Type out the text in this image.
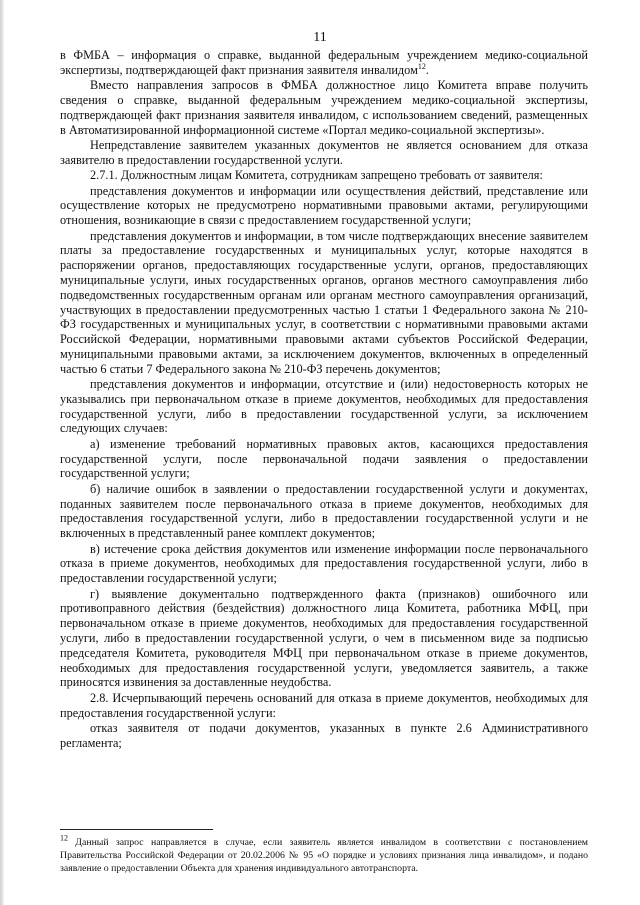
11

в ФМБА – информация о справке, выданной федеральным учреждением медико-социальной экспертизы, подтверждающей факт признания заявителя инвалидом$^{12}$.

Вместо направления запросов в ФМБА должностное лицо Комитета вправе получить сведения о справке, выданной федеральным учреждением медико-социальной экспертизы, подтверждающей факт признания заявителя инвалидом, с использованием сведений, размещенных в Автоматизированной информационной системе «Портал медико-социальной экспертизы».

Непредставление заявителем указанных документов не является основанием для отказа заявителю в предоставлении государственной услуги.

2.7.1. Должностным лицам Комитета, сотрудникам запрещено требовать от заявителя:

представления документов и информации или осуществления действий, представление или осуществление которых не предусмотрено нормативными правовыми актами, регулирующими отношения, возникающие в связи с предоставлением государственной услуги;

представления документов и информации, в том числе подтверждающих внесение заявителем платы за предоставление государственных и муниципальных услуг, которые находятся в распоряжении органов, предоставляющих государственные услуги, органов, предоставляющих муниципальные услуги, иных государственных органов, органов местного самоуправления либо подведомственных государственным органам или органам местного самоуправления организаций, участвующих в предоставлении предусмотренных частью 1 статьи 1 Федерального закона № 210-ФЗ государственных и муниципальных услуг, в соответствии с нормативными правовыми актами Российской Федерации, нормативными правовыми актами субъектов Российской Федерации, муниципальными правовыми актами, за исключением документов, включенных в определенный частью 6 статьи 7 Федерального закона № 210-ФЗ перечень документов;

представления документов и информации, отсутствие и (или) недостоверность которых не указывались при первоначальном отказе в приеме документов, необходимых для предоставления государственной услуги, либо в предоставлении государственной услуги, за исключением следующих случаев:

а) изменение требований нормативных правовых актов, касающихся предоставления государственной услуги, после первоначальной подачи заявления о предоставлении государственной услуги;

б) наличие ошибок в заявлении о предоставлении государственной услуги и документах, поданных заявителем после первоначального отказа в приеме документов, необходимых для предоставления государственной услуги, либо в предоставлении государственной услуги и не включенных в представленный ранее комплект документов;

в) истечение срока действия документов или изменение информации после первоначального отказа в приеме документов, необходимых для предоставления государственной услуги, либо в предоставлении государственной услуги;

г) выявление документально подтвержденного факта (признаков) ошибочного или противоправного действия (бездействия) должностного лица Комитета, работника МФЦ, при первоначальном отказе в приеме документов, необходимых для предоставления государственной услуги, либо в предоставлении государственной услуги, о чем в письменном виде за подписью председателя Комитета, руководителя МФЦ при первоначальном отказе в приеме документов, необходимых для предоставления государственной услуги, уведомляется заявитель, а также приносятся извинения за доставленные неудобства.

2.8. Исчерпывающий перечень оснований для отказа в приеме документов, необходимых для предоставления государственной услуги:

отказ заявителя от подачи документов, указанных в пункте 2.6 Административного регламента;

$^{12}$ Данный запрос направляется в случае, если заявитель является инвалидом в соответствии с постановлением Правительства Российской Федерации от 20.02.2006 № 95 «О порядке и условиях признания лица инвалидом», и подано заявление о предоставлении Объекта для хранения индивидуального автотранспорта.
